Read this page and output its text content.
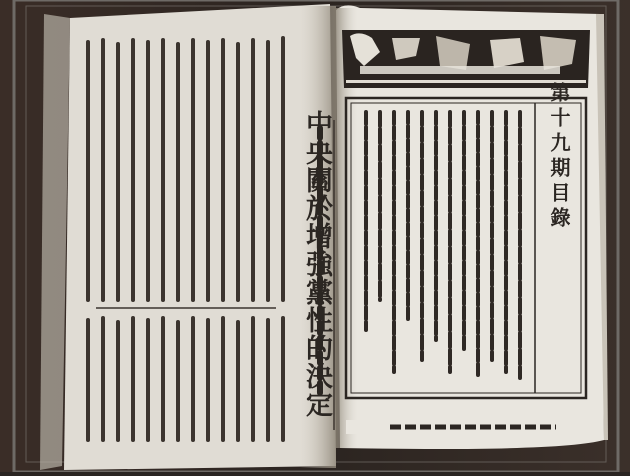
中央關於增強黨性的決定	第十九期目錄
